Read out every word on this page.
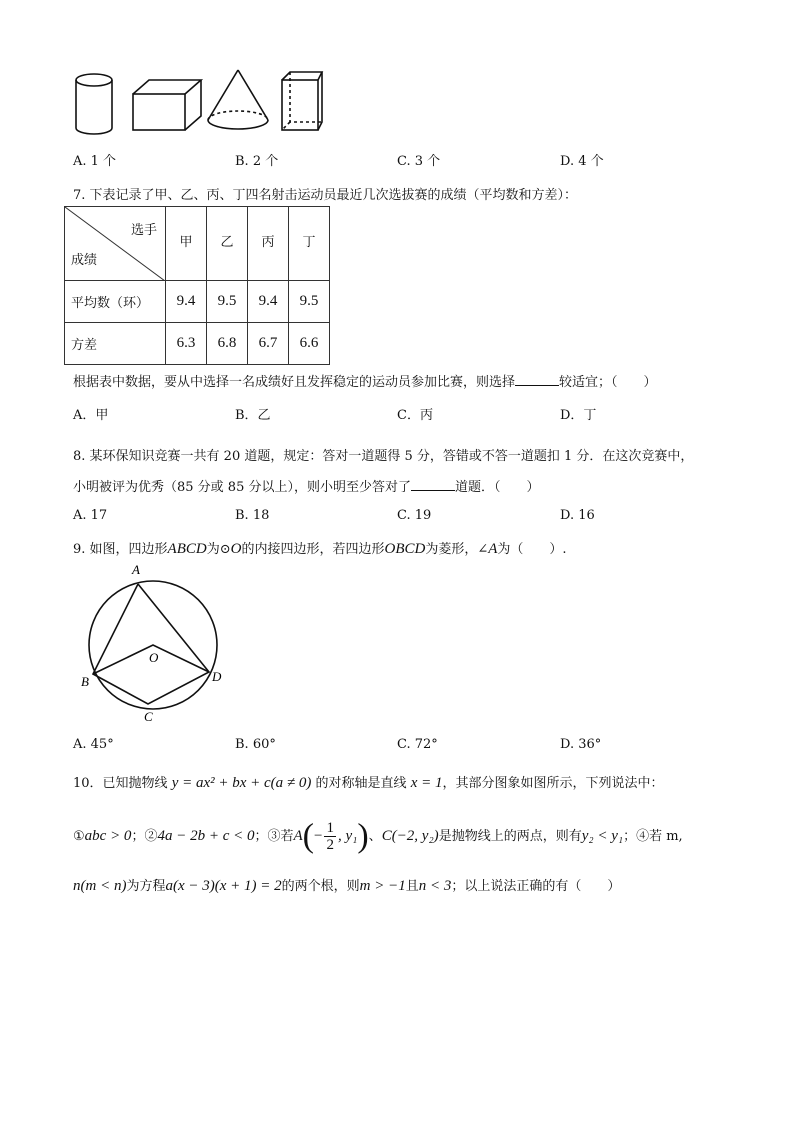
A. 1 个	B. 2 个	C. 3 个	D. 4 个
7. 下表记录了甲、乙、丙、丁四名射击运动员最近几次选拔赛的成绩（平均数和方差）：
选手
成绩	甲	乙	丙	丁
平均数（环）	9.4	9.5	9.4	9.5
方差	6.3	6.8	6.7	6.6
根据表中数据，要从中选择一名成绩好且发挥稳定的运动员参加比赛，则选择	较适宜；（　　）
A．甲	B．乙	C．丙	D．丁
8. 某环保知识竞赛一共有 20 道题，规定：答对一道题得 5 分，答错或不答一道题扣 1 分．在这次竞赛中，
小明被评为优秀（85 分或 85 分以上），则小明至少答对了	道题．（　　）
A. 17	B. 18	C. 19	D. 16
9. 如图，四边形ABCD为⊙O的内接四边形，若四边形OBCD为菱形，∠A为（　　）.
A
O
B	D
C
A. 45°	B. 60°	C. 72°	D. 36°
10．已知抛物线 y = ax² + bx + c(a ≠ 0) 的对称轴是直线 x = 1，其部分图象如图所示，下列说法中：
①abc > 0；②4a − 2b + c < 0；③若$A(- \frac{1}{2}$ , y₁)、C(−2, y₂)是抛物线上的两点，则有y₂ < y₁；④若 m,
n(m < n)为方程a(x − 3)(x + 1) = 2的两个根，则m > −1且n < 3；以上说法正确的有（　　）
